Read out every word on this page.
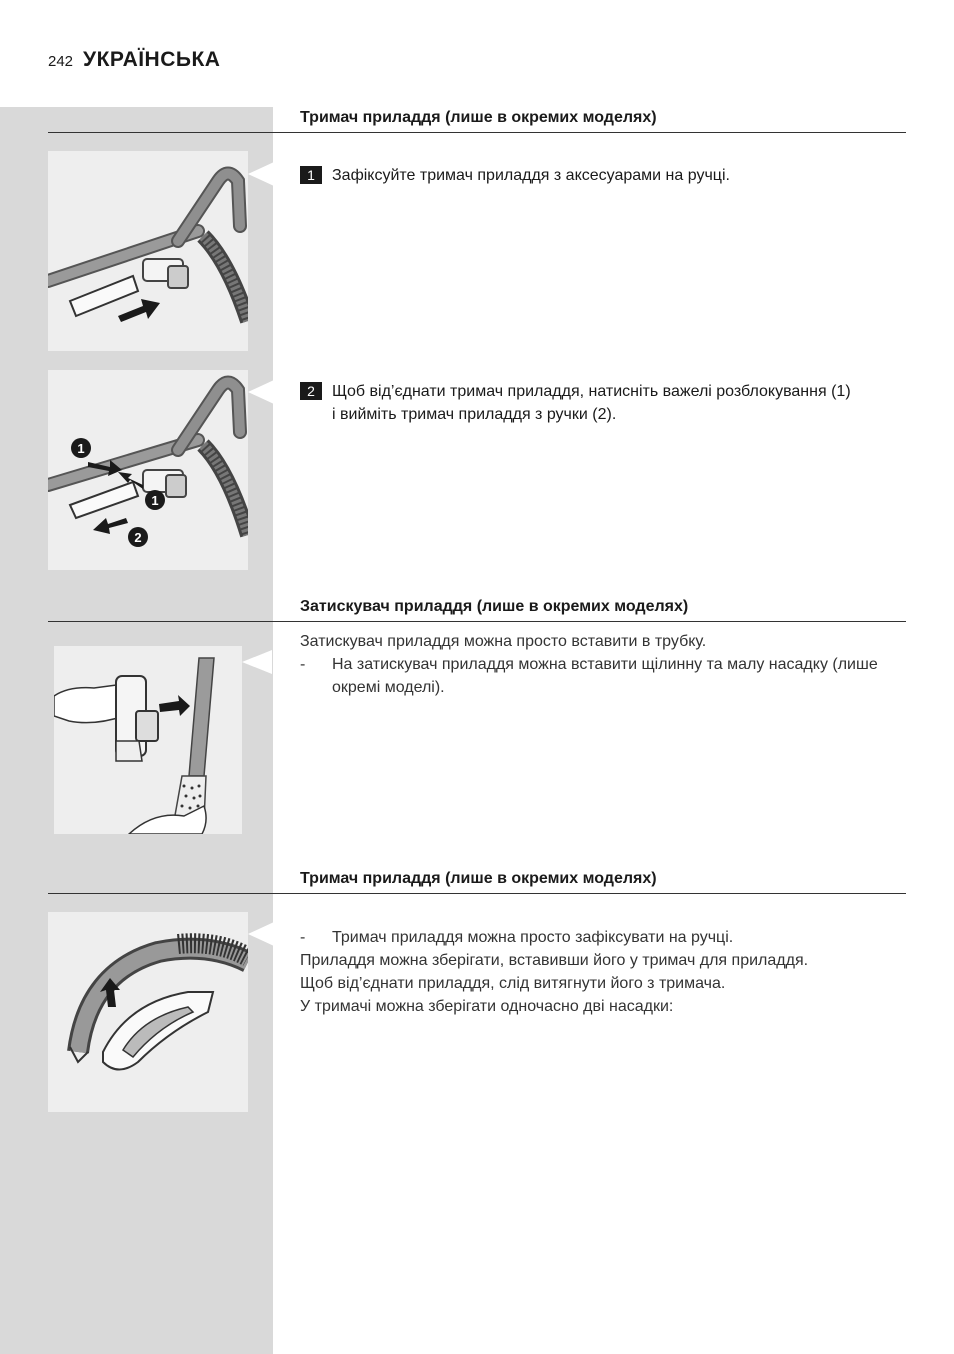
242 УКРАЇНСЬКА
Тримач приладдя (лише в окремих моделях)
1	Зафіксуйте тримач приладдя з аксесуарами на ручці.
1
1
2
2	Щоб від’єднати тримач приладдя, натисніть важелі розблокування (1) і вийміть тримач приладдя з ручки (2).
Затискувач приладдя (лише в окремих моделях)

Затискувач приладдя можна просто вставити в трубку.

-	На затискувач приладдя можна вставити щілинну та малу насадку (лише окремі моделі).
Тримач приладдя (лише в окремих моделях)
-	Тримач приладдя можна просто зафіксувати на ручці.

Приладдя можна зберігати, вставивши його у тримач для приладдя.

Щоб від’єднати приладдя, слід витягнути його з тримача.

У тримачі можна зберігати одночасно дві насадки:
